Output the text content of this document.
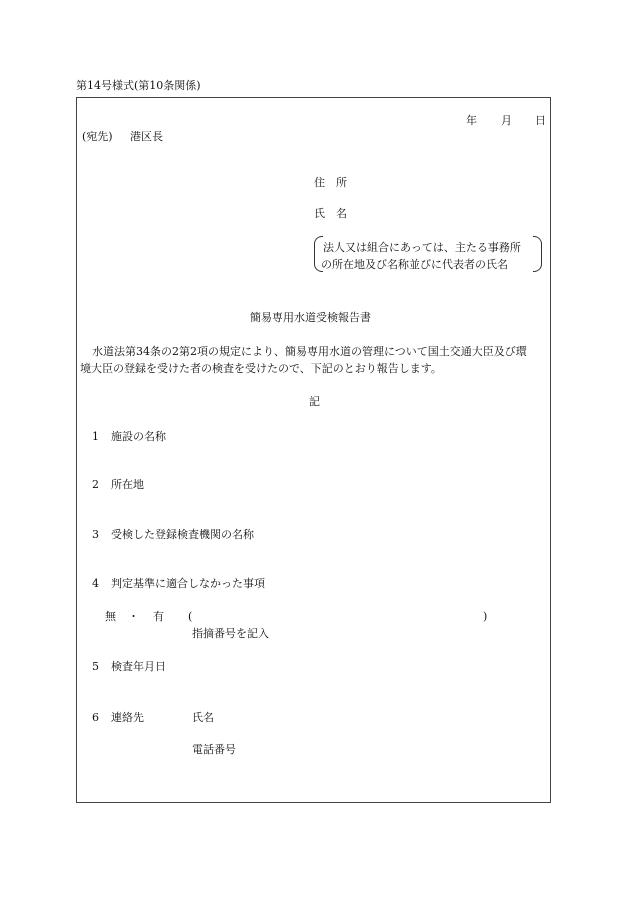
第14号様式(第10条関係)
年 月 日
(宛先) 港区長
住　所
氏　名
法人又は組合にあっては、主たる事務所
の所在地及び名称並びに代表者の氏名
簡易専用水道受検報告書
水道法第34条の2第2項の規定により、簡易専用水道の管理について国土交通大臣及び環
境大臣の登録を受けた者の検査を受けたので、下記のとおり報告します。
記
1 施設の名称
2 所在地
3 受検した登録検査機関の名称
4 判定基準に適合しなかった事項
無 ・ 有 (	)
指摘番号を記入
5 検査年月日
6 連絡先	氏名
電話番号
